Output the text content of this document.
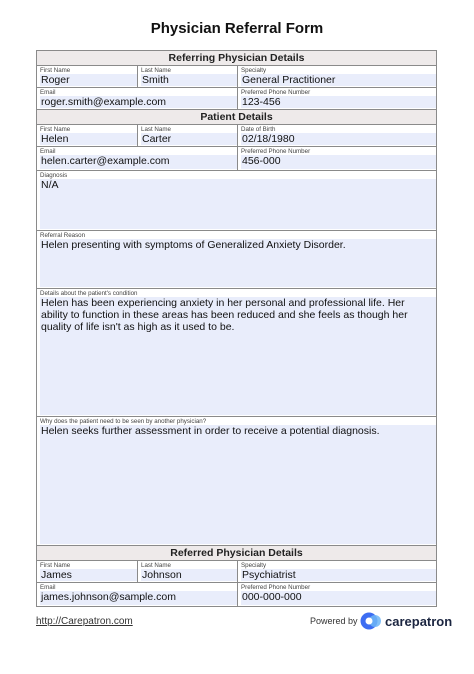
Physician Referral Form
Referring Physician Details
First Name
Roger
Last Name
Smith
Specialty
General Practitioner
Email
roger.smith@example.com
Preferred Phone Number
123-456
Patient Details
First Name
Helen
Last Name
Carter
Date of Birth
02/18/1980
Email
helen.carter@example.com
Preferred Phone Number
456-000
Diagnosis
N/A
Referral Reason
Helen presenting with symptoms of Generalized Anxiety Disorder.
Details about the patient's condition
Helen has been experiencing anxiety in her personal and professional life. Her ability to function in these areas has been reduced and she feels as though her quality of life isn't as high as it used to be.
Why does the patient need to be seen by another physician?
Helen seeks further assessment in order to receive a potential diagnosis.
Referred Physician Details
First Name
James
Last Name
Johnson
Specialty
Psychiatrist
Email
james.johnson@sample.com
Preferred Phone Number
000-000-000
http://Carepatron.com	Powered by carepatron
